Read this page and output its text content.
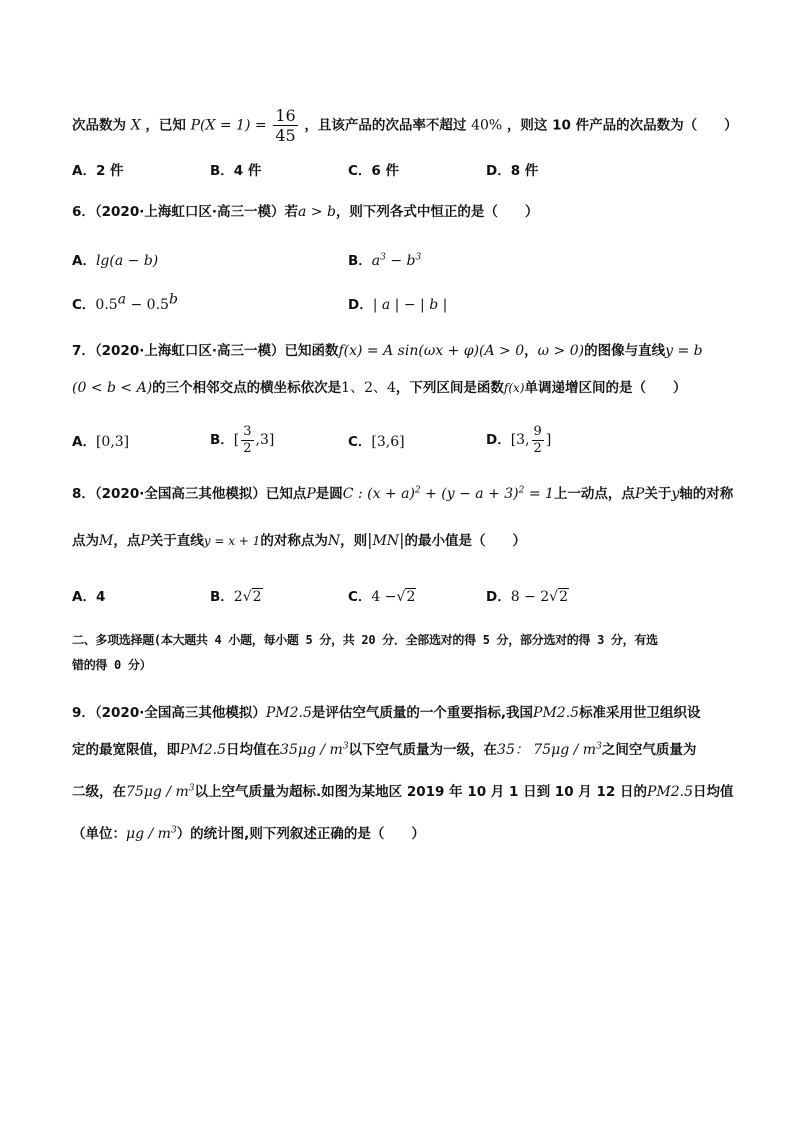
次品数为 X ，已知 $P(X = 1) = \frac{16}{45}$ ，且该产品的次品率不超过 40% ，则这 10 件产品的次品数为（　　）
A．2 件	B．4 件	C．6 件	D．8 件
6．（2020·上海虹口区·高三一模）若a > b，则下列各式中恒正的是（　　）
A．lg(a − b)	B．$a^3 - b^3$
C．0.5$^a$ − 0.5$^b$	D．| a | − | b |
7．（2020·上海虹口区·高三一模）已知函数f(x) = A sin(ωx + φ)(A > 0，ω > 0)的图像与直线y = b
(0 < b < A)的三个相邻交点的横坐标依次是1、2、4，下列区间是函数f(x)单调递增区间的是（　　）
A．[0,3]	B．[ $\frac{3}{2} ,3$]	C．[3,6]	D．[3, $\frac{9}{2}$ ]
8．（2020·全国高三其他模拟）已知点P是圆C : $(x + a)^2 + (y - a + 3)^2 = 1$上一动点，点P关于y轴的对称
点为M，点P关于直线y = x + 1的对称点为N，则|MN|的最小值是（　　）
A．4	B．2√2	C．4 −√2	D．8 − 2√2
二、多项选择题(本大题共 4 小题，每小题 5 分，共 20 分．全部选对的得 5 分，部分选对的得 3 分，有选
错的得 0 分）
9．（2020·全国高三其他模拟）PM2.5是评估空气质量的一个重要指标,我国PM2.5标准采用世卫组织设
定的最宽限值，即PM2.5日均值在$35\mu g / m^3$以下空气质量为一级，在35： $75\mu g / m^3$之间空气质量为
二级，在$75\mu g / m^3$以上空气质量为超标.如图为某地区 2019 年 10 月 1 日到 10 月 12 日的PM2.5日均值
（单位：μg / $m^3$）的统计图,则下列叙述正确的是（　　）
